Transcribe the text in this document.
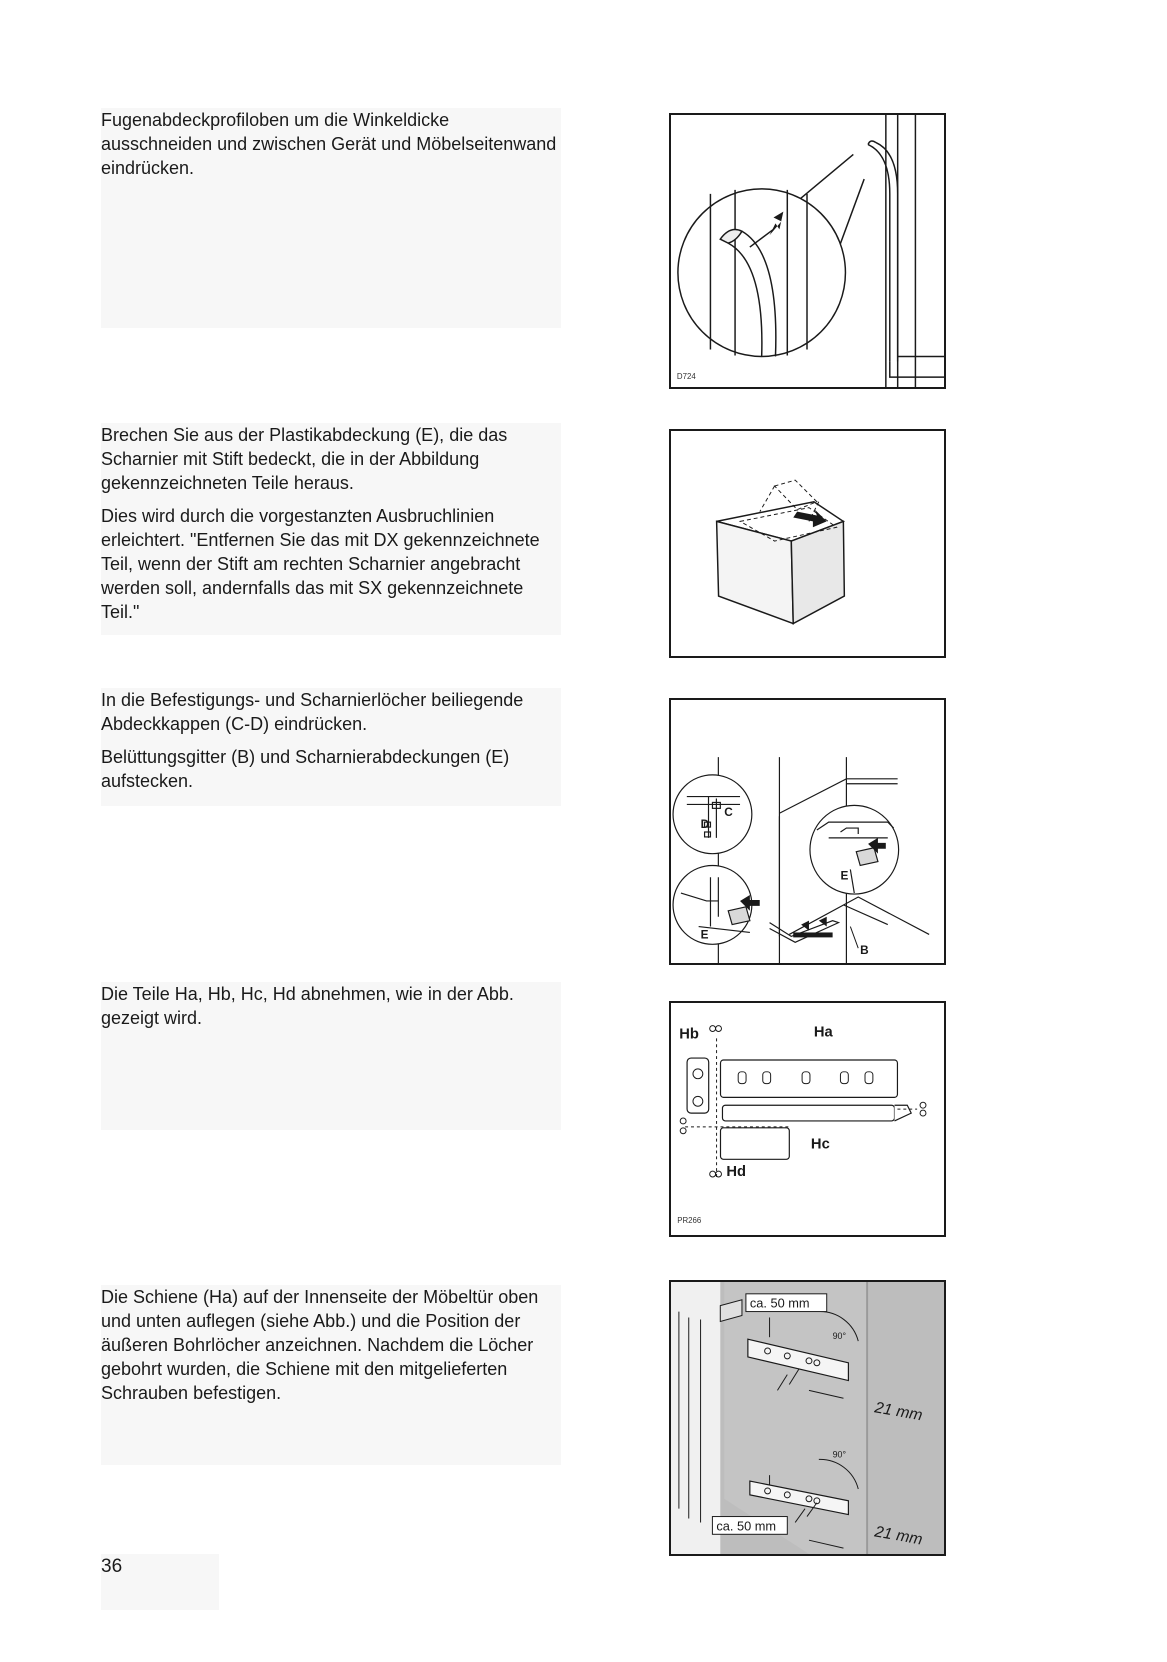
Fugenabdeckprofiloben um die Winkeldicke ausschneiden und zwischen Gerät und Möbelseitenwand eindrücken.

D724

Brechen Sie aus der Plastikabdeckung (E), die das Scharnier mit Stift bedeckt, die in der Abbildung gekennzeichneten Teile heraus.

Dies wird durch die vorgestanzten Ausbruchlinien erleichtert. "Entfernen Sie das mit DX gekennzeichnete Teil, wenn der Stift am rechten Scharnier angebracht werden soll, andernfalls das mit SX gekennzeichnete Teil."

In die Befestigungs- und Scharnierlöcher beiliegende Abdeckkappen (C-D) eindrücken.

Belüttungsgitter (B) und Scharnierabdeckungen (E) aufstecken.

C
D
E
E
B

Die Teile Ha, Hb, Hc, Hd abnehmen, wie in der Abb. gezeigt wird.

Hb	Ha
Hc
Hd
PR266

Die Schiene (Ha) auf der Innenseite der Möbeltür oben und unten auflegen (siehe Abb.) und die Position der äußeren Bohrlöcher anzeichnen. Nachdem die Löcher gebohrt wurden, die Schiene mit den mitgelieferten Schrauben befestigen.

ca. 50 mm
ca. 50 mm
90°
90°
21 mm
21 mm
36
